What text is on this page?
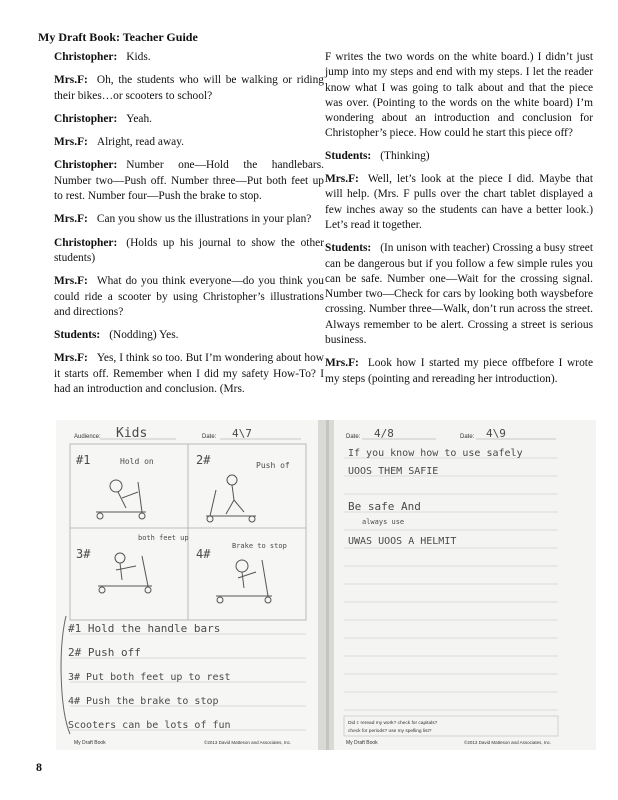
My Draft Book: Teacher Guide

Christopher: Kids.

Mrs.F: Oh, the students who will be walking or riding their bikes…or scooters to school?

Christopher: Yeah.

Mrs.F: Alright, read away.

Christopher: Number one—Hold the handlebars. Number two—Push off. Number three—Put both feet up to rest. Number four—Push the brake to stop.

Mrs.F: Can you show us the illustrations in your plan?

Christopher: (Holds up his journal to show the other students)

Mrs.F: What do you think everyone—do you think you could ride a scooter by using Christopher’s illustrations and directions?

Students: (Nodding) Yes.

Mrs.F: Yes, I think so too. But I’m wondering about how it starts off. Remember when I did my safety How-To? I had an introduction and conclusion. (Mrs.

F writes the two words on the white board.) I didn’t just jump into my steps and end with my steps. I let the reader know what I was going to talk about and that the piece was over. (Pointing to the words on the white board) I’m wondering about an introduction and conclusion for Christopher’s piece. How could he start this piece off?

Students: (Thinking)

Mrs.F: Well, let’s look at the piece I did. Maybe that will help. (Mrs. F pulls over the chart tablet displayed a few inches away so the students can have a better look.) Let’s read it together.

Students: (In unison with teacher) Crossing a busy street can be dangerous but if you follow a few simple rules you can be safe. Number one—Wait for the crossing signal. Number two—Check for cars by looking both waysbefore crossing. Number three—Walk, don’t run across the street. Always remember to be alert. Crossing a street is serious business.

Mrs.F: Look how I started my piece offbefore I wrote my steps (pointing and rereading her introduction).

Audience: Kids	Date: 4\7
#1	Hold on	2#	Push of
3#
both feet up
4#
Brake to stop
#1 Hold the handle bars
2# Push off
3# Put both feet up to rest
4# Push the brake to stop
Scooters can be lots of fun
My Draft Book	©2013 David Matteson and Associates, Inc.
Date: 4/8	Date: 4\9
If you know how to use safely
UOOS THEM SAFIE
Be safe And
always use
UWAS UOOS A HELMIT
Did I: reread my work? check for capitals?
check for periods? use my spelling list?
My Draft Book	©2013 David Matteson and Associates, Inc.
8
